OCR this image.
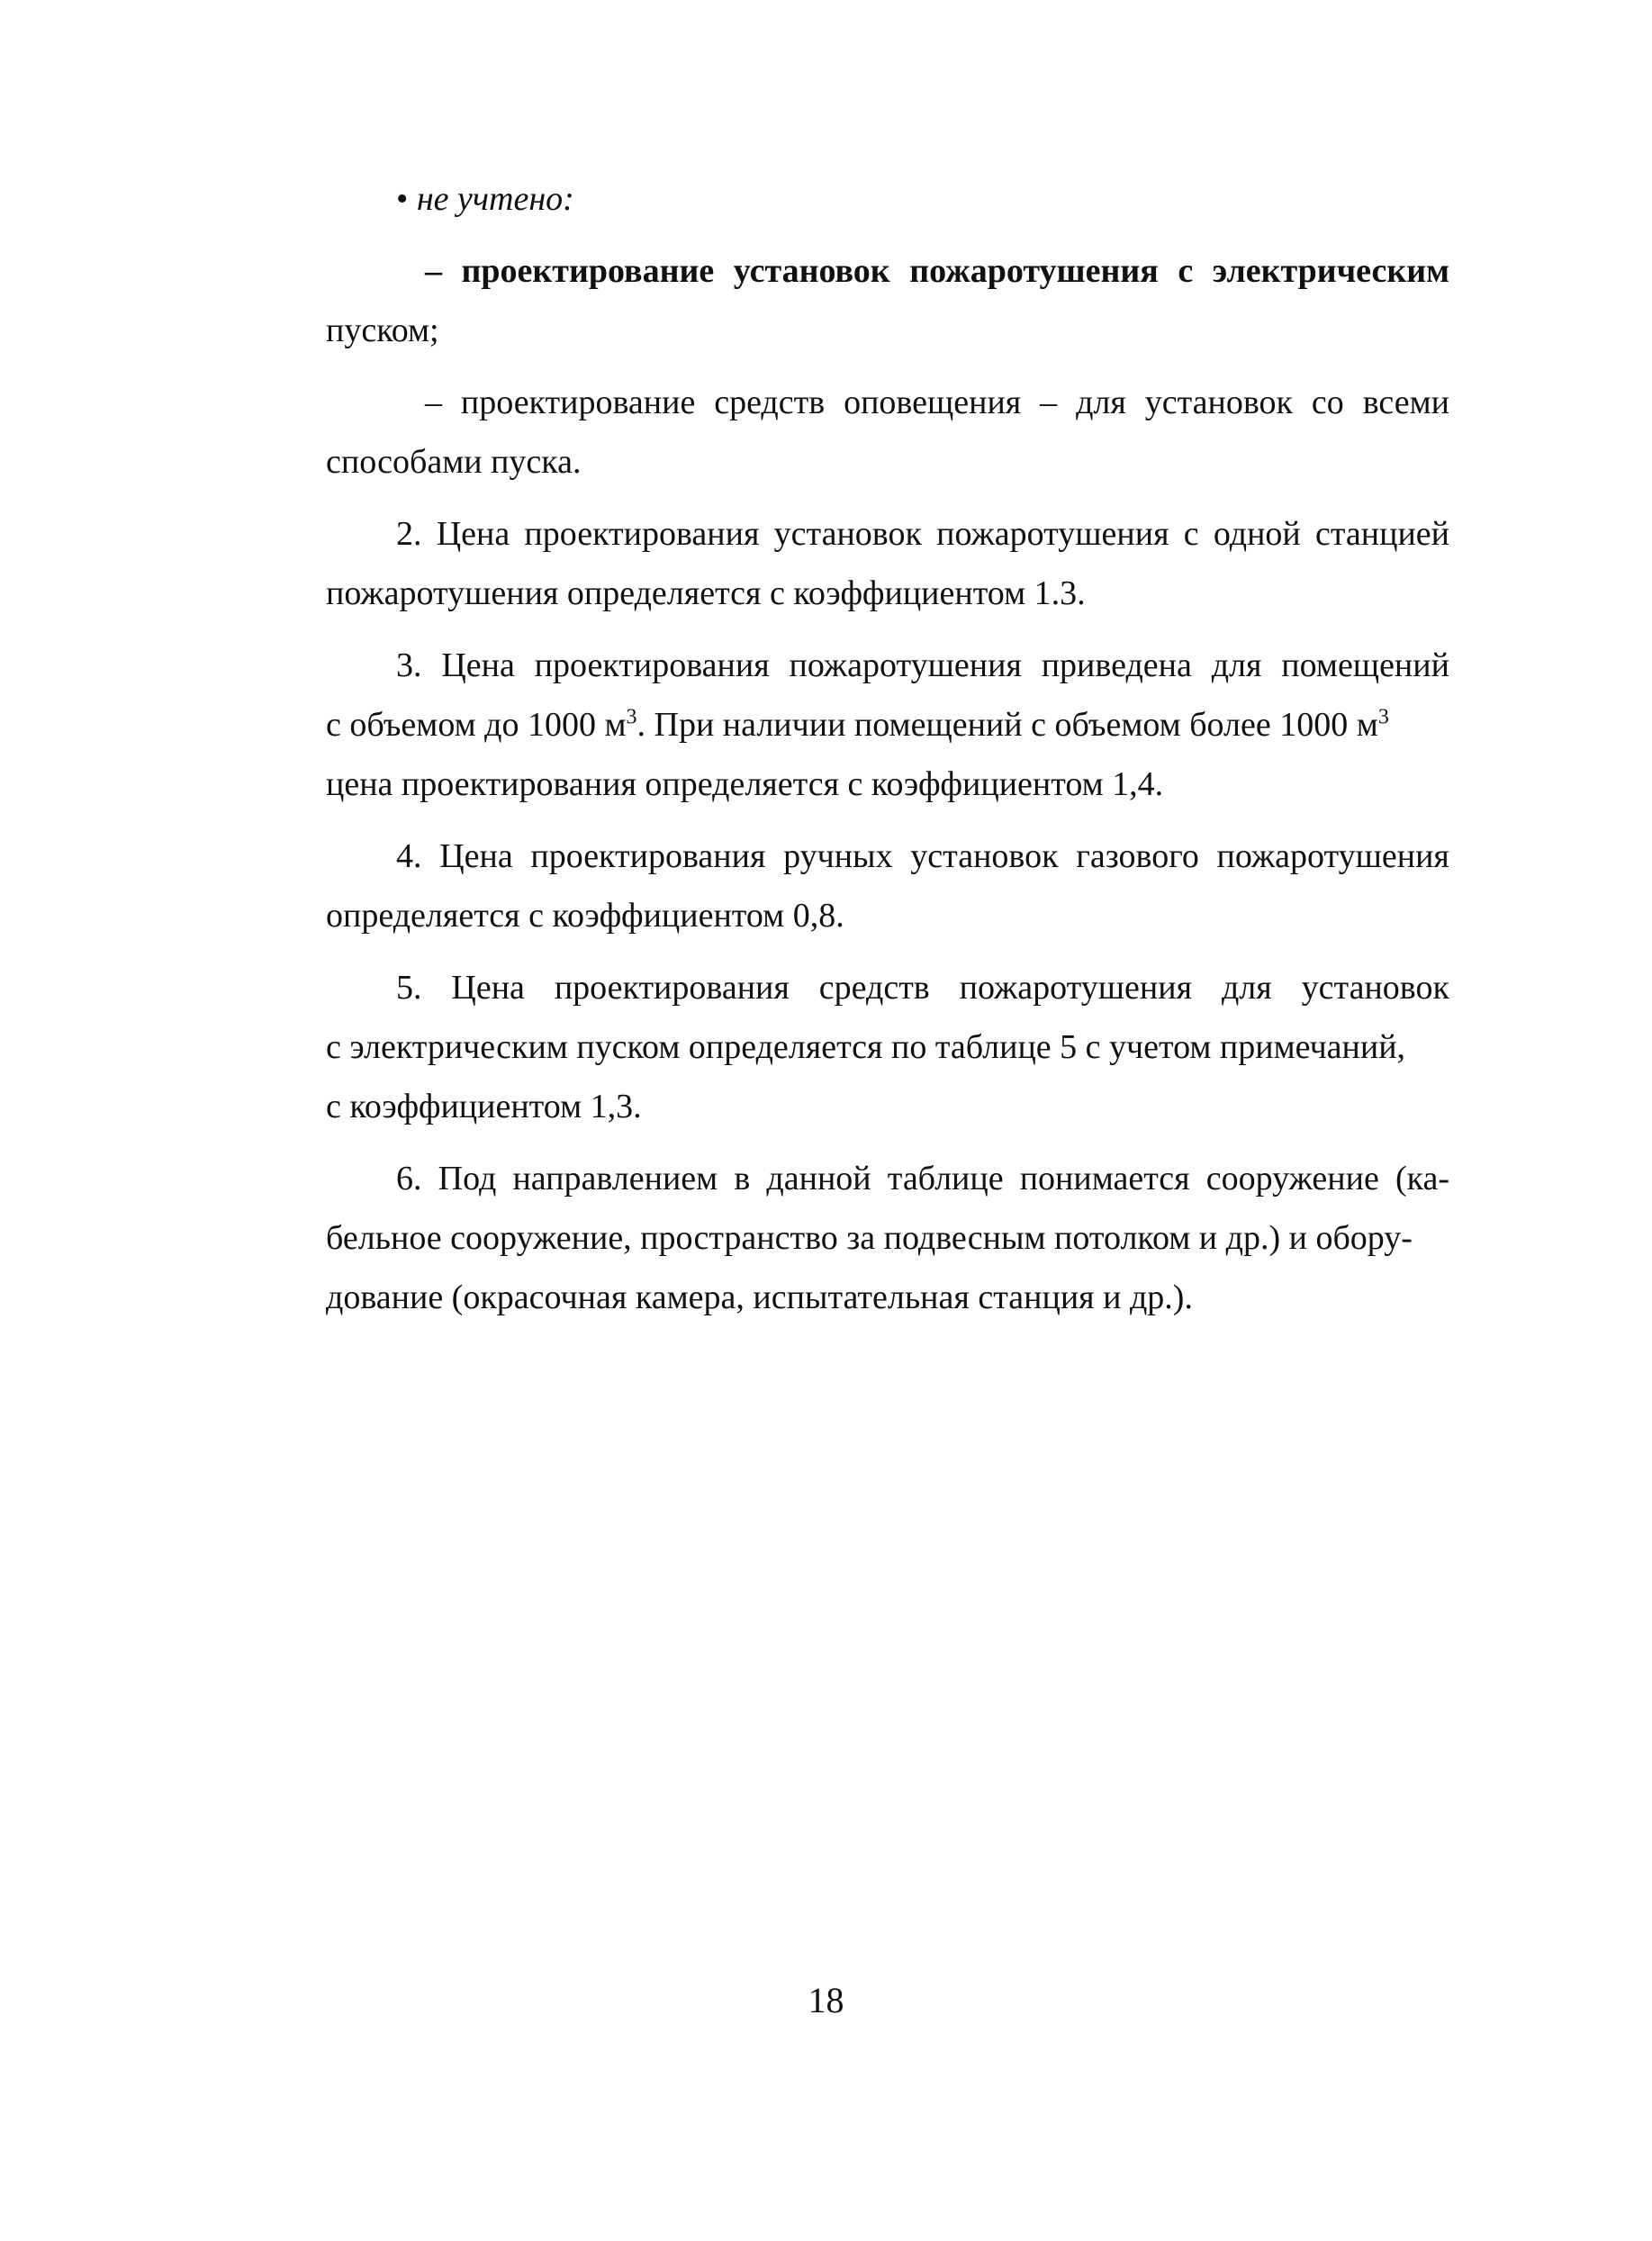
• не учтено:
– проектирование установок пожаротушения с электрическим
пуском;
– проектирование средств оповещения – для установок со всеми
способами пуска.
2. Цена проектирования установок пожаротушения с одной станцией
пожаротушения определяется с коэффициентом 1.3.
3. Цена проектирования пожаротушения приведена для помещений
с объемом до 1000 $м^3$. При наличии помещений с объемом более 1000 $м^3$
цена проектирования определяется с коэффициентом 1,4.
4. Цена проектирования ручных установок газового пожаротушения
определяется с коэффициентом 0,8.
5. Цена проектирования средств пожаротушения для установок
с электрическим пуском определяется по таблице 5 с учетом примечаний,
с коэффициентом 1,3.
6. Под направлением в данной таблице понимается сооружение (ка-
бельное сооружение, пространство за подвесным потолком и др.) и обору-
дование (окрасочная камера, испытательная станция и др.).
18
